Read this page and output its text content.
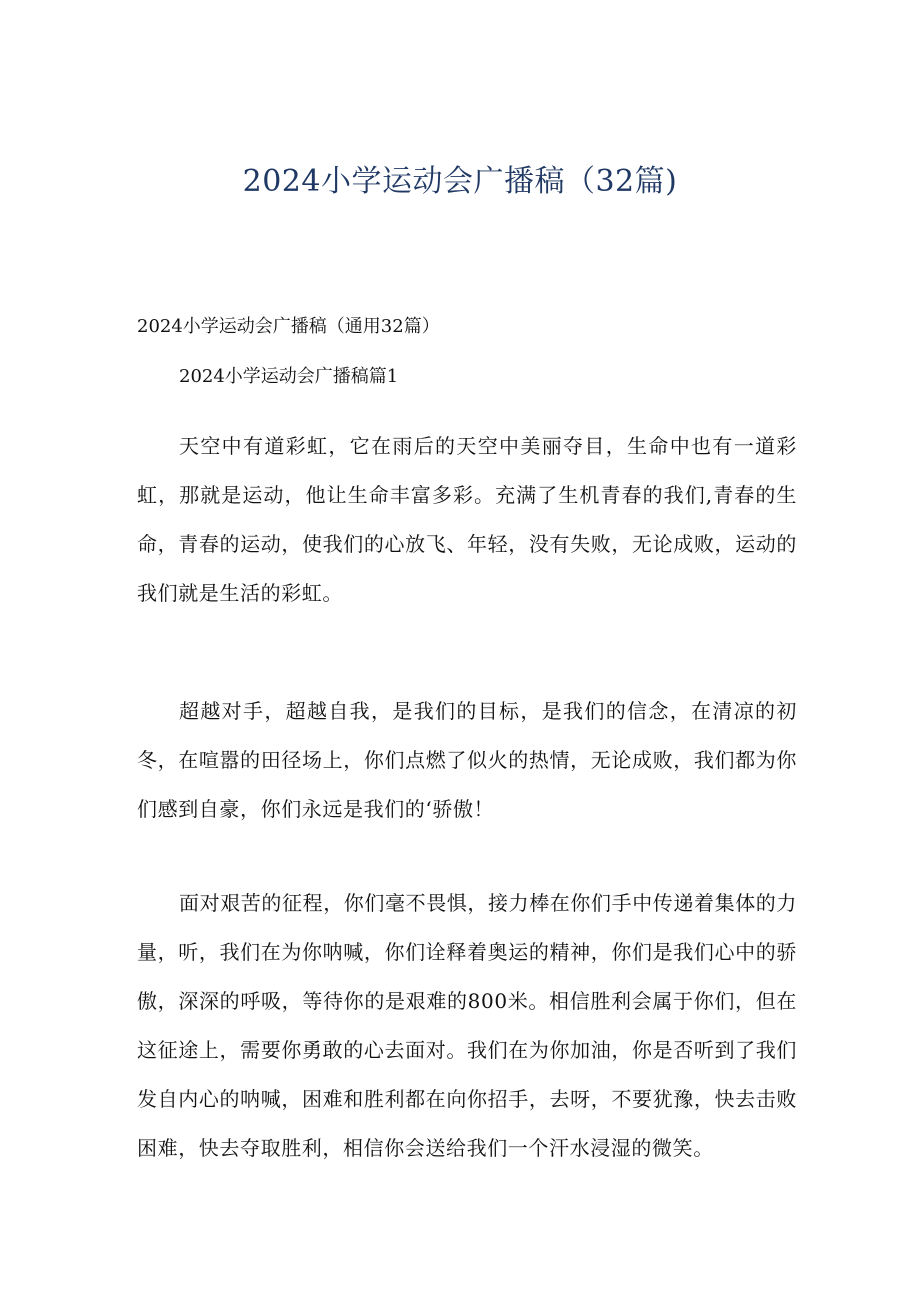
2024小学运动会广播稿（32篇)

2024小学运动会广播稿（通用32篇）

2024小学运动会广播稿篇1

天空中有道彩虹，它在雨后的天空中美丽夺目，生命中也有一道彩虹，那就是运动，他让生命丰富多彩。充满了生机青春的我们,青春的生命，青春的运动，使我们的心放飞、年轻，没有失败，无论成败，运动的我们就是生活的彩虹。

超越对手，超越自我，是我们的目标，是我们的信念，在清凉的初冬，在喧嚣的田径场上，你们点燃了似火的热情，无论成败，我们都为你们感到自豪，你们永远是我们的‘骄傲！

面对艰苦的征程，你们毫不畏惧，接力棒在你们手中传递着集体的力量，听，我们在为你呐喊，你们诠释着奥运的精神，你们是我们心中的骄傲，深深的呼吸，等待你的是艰难的800米。相信胜利会属于你们，但在这征途上，需要你勇敢的心去面对。我们在为你加油，你是否听到了我们发自内心的呐喊，困难和胜利都在向你招手，去呀，不要犹豫，快去击败困难，快去夺取胜利，相信你会送给我们一个汗水浸湿的微笑。
